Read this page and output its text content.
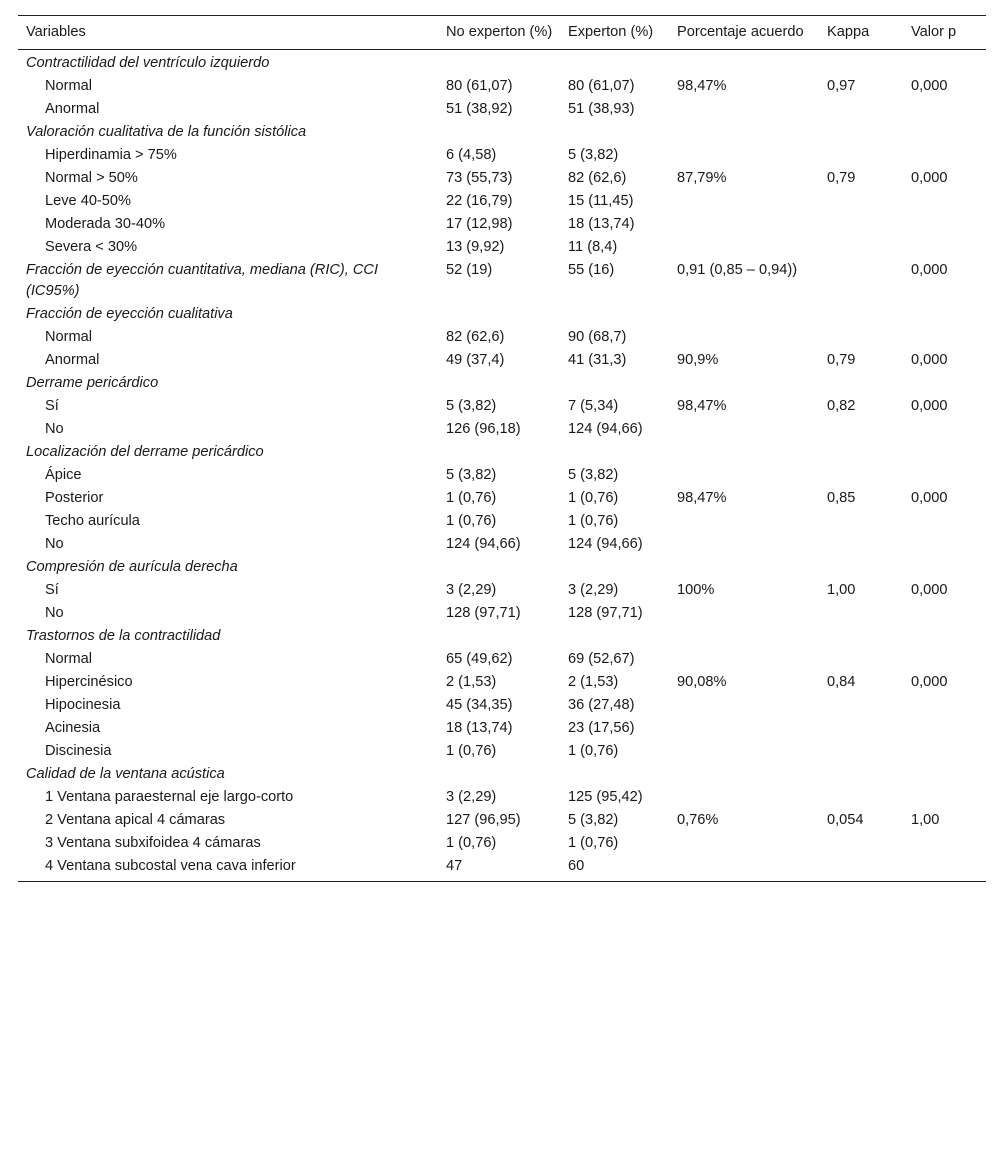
Variables	No experton (%)	Experton (%)	Porcentaje acuerdo	Kappa	Valor p
Contractilidad del ventrículo izquierdo					
Normal	80 (61,07)	80 (61,07)	98,47%	0,97	0,000
Anormal	51 (38,92)	51 (38,93)			
Valoración cualitativa de la función sistólica					
Hiperdinamia > 75%	6 (4,58)	5 (3,82)			
Normal > 50%	73 (55,73)	82 (62,6)	87,79%	0,79	0,000
Leve 40-50%	22 (16,79)	15 (11,45)			
Moderada 30-40%	17 (12,98)	18 (13,74)			
Severa < 30%	13 (9,92)	11 (8,4)			
Fracción de eyección cuantitativa, mediana (RIC), CCI (IC95%)	52 (19)	55 (16)	0,91 (0,85 – 0,94))		0,000
Fracción de eyección cualitativa					
Normal	82 (62,6)	90 (68,7)			
Anormal	49 (37,4)	41 (31,3)	90,9%	0,79	0,000
Derrame pericárdico					
Sí	5 (3,82)	7 (5,34)	98,47%	0,82	0,000
No	126 (96,18)	124 (94,66)			
Localización del derrame pericárdico					
Ápice	5 (3,82)	5 (3,82)			
Posterior	1 (0,76)	1 (0,76)	98,47%	0,85	0,000
Techo aurícula	1 (0,76)	1 (0,76)			
No	124 (94,66)	124 (94,66)			
Compresión de aurícula derecha					
Sí	3 (2,29)	3 (2,29)	100%	1,00	0,000
No	128 (97,71)	128 (97,71)			
Trastornos de la contractilidad					
Normal	65 (49,62)	69 (52,67)			
Hipercinésico	2 (1,53)	2 (1,53)	90,08%	0,84	0,000
Hipocinesia	45 (34,35)	36 (27,48)			
Acinesia	18 (13,74)	23 (17,56)			
Discinesia	1 (0,76)	1 (0,76)			
Calidad de la ventana acústica					
1 Ventana paraesternal eje largo-corto	3 (2,29)	125 (95,42)			
2 Ventana apical 4 cámaras	127 (96,95)	5 (3,82)	0,76%	0,054	1,00
3 Ventana subxifoidea 4 cámaras	1 (0,76)	1 (0,76)			
4 Ventana subcostal vena cava inferior	47	60			
